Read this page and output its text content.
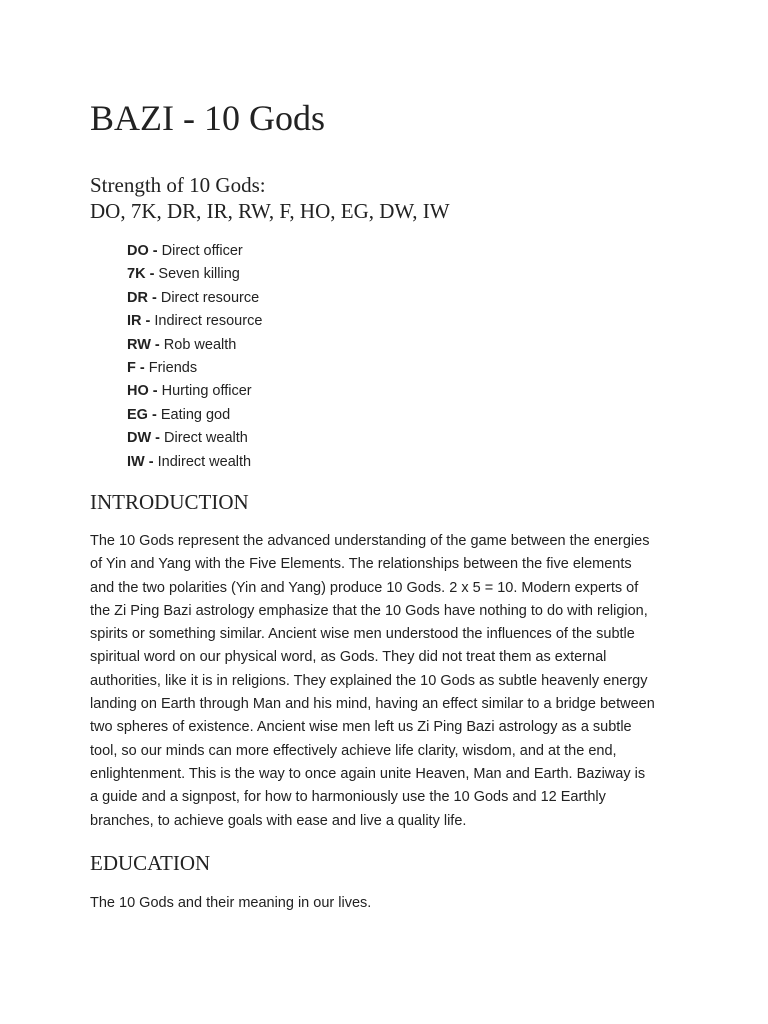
BAZI - 10 Gods
Strength of 10 Gods:
DO, 7K, DR, IR, RW, F, HO, EG, DW, IW
DO - Direct officer
7K - Seven killing
DR - Direct resource
IR - Indirect resource
RW - Rob wealth
F - Friends
HO - Hurting officer
EG - Eating god
DW - Direct wealth
IW - Indirect wealth
INTRODUCTION

The 10 Gods represent the advanced understanding of the game between the energies
of Yin and Yang with the Five Elements. The relationships between the five elements
and the two polarities (Yin and Yang) produce 10 Gods. 2 x 5 = 10. Modern experts of
the Zi Ping Bazi astrology emphasize that the 10 Gods have nothing to do with religion,
spirits or something similar. Ancient wise men understood the influences of the subtle
spiritual word on our physical word, as Gods. They did not treat them as external
authorities, like it is in religions. They explained the 10 Gods as subtle heavenly energy
landing on Earth through Man and his mind, having an effect similar to a bridge between
two spheres of existence. Ancient wise men left us Zi Ping Bazi astrology as a subtle
tool, so our minds can more effectively achieve life clarity, wisdom, and at the end,
enlightenment. This is the way to once again unite Heaven, Man and Earth. Baziway is
a guide and a signpost, for how to harmoniously use the 10 Gods and 12 Earthly
branches, to achieve goals with ease and live a quality life.

EDUCATION

The 10 Gods and their meaning in our lives.
